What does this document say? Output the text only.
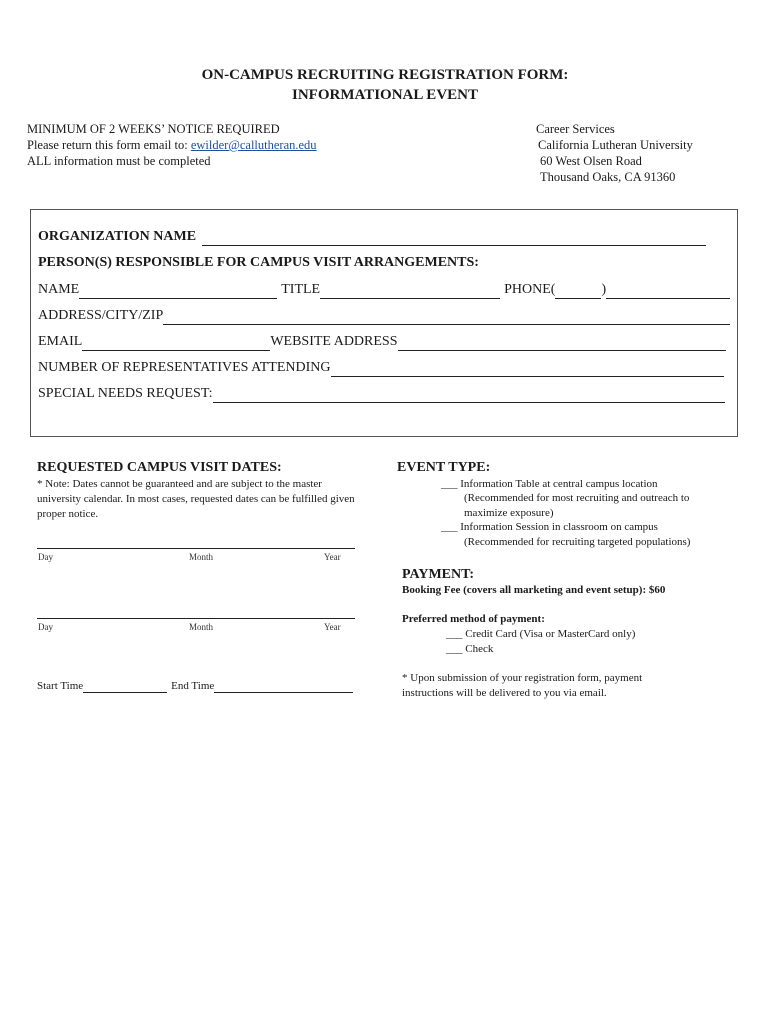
ON-CAMPUS RECRUITING REGISTRATION FORM:
INFORMATIONAL EVENT
MINIMUM OF 2 WEEKS’ NOTICE REQUIRED
Please return this form email to: ewilder@callutheran.edu
ALL information must be completed
Career Services
California Lutheran University
60 West Olsen Road
Thousand Oaks, CA 91360
ORGANIZATION NAME
PERSON(S) RESPONSIBLE FOR CAMPUS VISIT ARRANGEMENTS:
NAME	TITLE	PHONE(	)
ADDRESS/CITY/ZIP
EMAIL	WEBSITE ADDRESS
NUMBER OF REPRESENTATIVES ATTENDING
SPECIAL NEEDS REQUEST:
REQUESTED CAMPUS VISIT DATES:
* Note: Dates cannot be guaranteed and are subject to the master university calendar. In most cases, requested dates can be fulfilled given proper notice.
Day	Month	Year
Day	Month	Year
Start Time	End Time
EVENT TYPE:
___ Information Table at central campus location
(Recommended for most recruiting and outreach to maximize exposure)
___ Information Session in classroom on campus
(Recommended for recruiting targeted populations)
PAYMENT:
Booking Fee (covers all marketing and event setup): $60
Preferred method of payment:
___ Credit Card (Visa or MasterCard only)
___ Check
* Upon submission of your registration form, payment instructions will be delivered to you via email.
